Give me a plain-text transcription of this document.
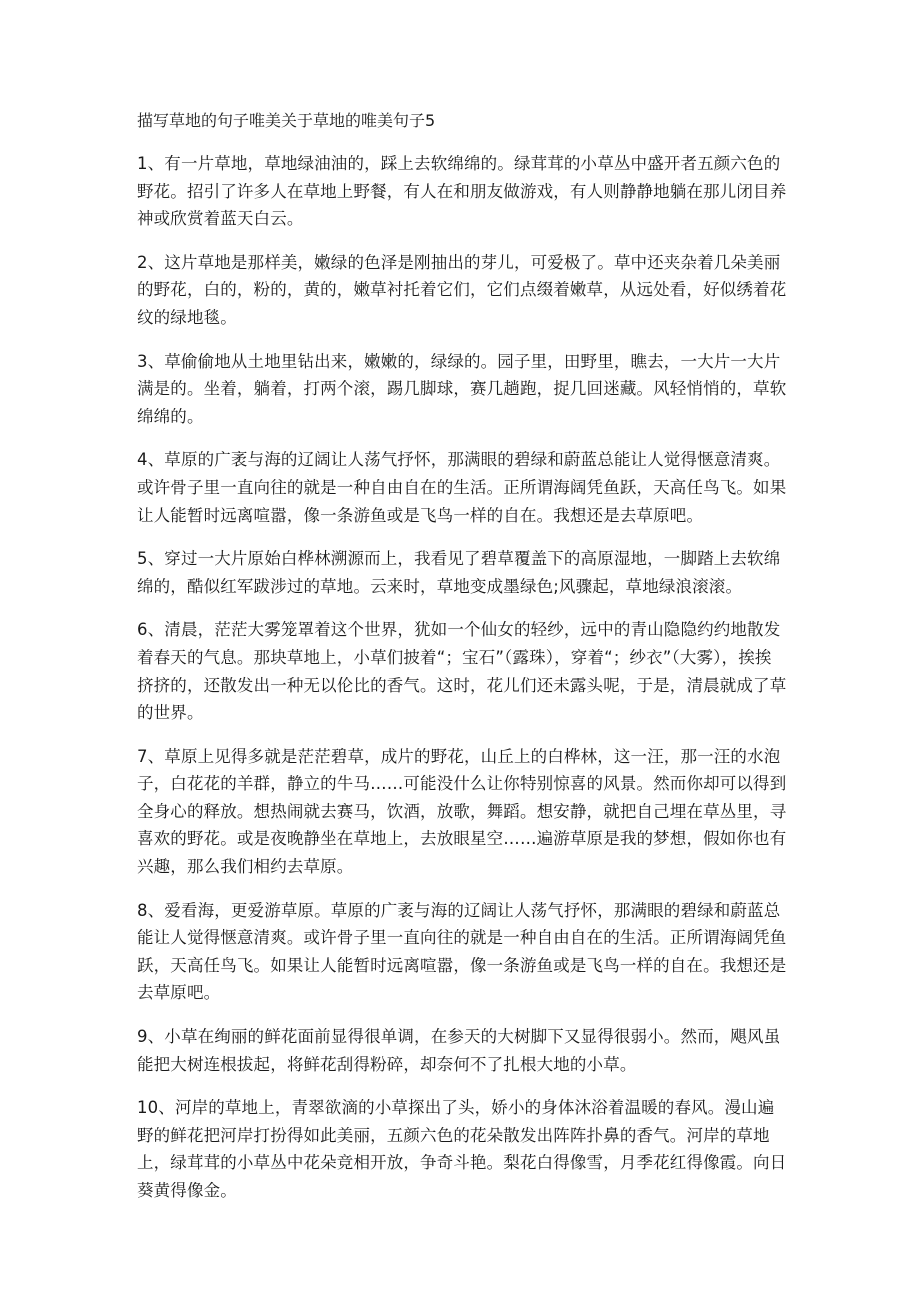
描写草地的句子唯美关于草地的唯美句子5

1、有一片草地，草地绿油油的，踩上去软绵绵的。绿茸茸的小草丛中盛开者五颜六色的野花。招引了许多人在草地上野餐，有人在和朋友做游戏，有人则静静地躺在那儿闭目养神或欣赏着蓝天白云。

2、这片草地是那样美，嫩绿的色泽是刚抽出的芽儿，可爱极了。草中还夹杂着几朵美丽的野花，白的，粉的，黄的，嫩草衬托着它们，它们点缀着嫩草，从远处看，好似绣着花纹的绿地毯。

3、草偷偷地从土地里钻出来，嫩嫩的，绿绿的。园子里，田野里，瞧去，一大片一大片满是的。坐着，躺着，打两个滚，踢几脚球，赛几趟跑，捉几回迷藏。风轻悄悄的，草软绵绵的。

4、草原的广袤与海的辽阔让人荡气抒怀，那满眼的碧绿和蔚蓝总能让人觉得惬意清爽。或许骨子里一直向往的就是一种自由自在的生活。正所谓海阔凭鱼跃，天高任鸟飞。如果让人能暂时远离喧嚣，像一条游鱼或是飞鸟一样的自在。我想还是去草原吧。

5、穿过一大片原始白桦林溯源而上，我看见了碧草覆盖下的高原湿地，一脚踏上去软绵绵的，酷似红军跋涉过的草地。云来时，草地变成墨绿色;风骤起，草地绿浪滚滚。

6、清晨，茫茫大雾笼罩着这个世界，犹如一个仙女的轻纱，远中的青山隐隐约约地散发着春天的气息。那块草地上，小草们披着“；宝石”（露珠），穿着“；纱衣”（大雾），挨挨挤挤的，还散发出一种无以伦比的香气。这时，花儿们还未露头呢，于是，清晨就成了草的世界。

7、草原上见得多就是茫茫碧草，成片的野花，山丘上的白桦林，这一汪，那一汪的水泡子，白花花的羊群，静立的牛马……可能没什么让你特别惊喜的风景。然而你却可以得到全身心的释放。想热闹就去赛马，饮酒，放歌，舞蹈。想安静，就把自己埋在草丛里，寻喜欢的野花。或是夜晚静坐在草地上，去放眼星空……遍游草原是我的梦想，假如你也有兴趣，那么我们相约去草原。

8、爱看海，更爱游草原。草原的广袤与海的辽阔让人荡气抒怀，那满眼的碧绿和蔚蓝总能让人觉得惬意清爽。或许骨子里一直向往的就是一种自由自在的生活。正所谓海阔凭鱼跃，天高任鸟飞。如果让人能暂时远离喧嚣，像一条游鱼或是飞鸟一样的自在。我想还是去草原吧。

9、小草在绚丽的鲜花面前显得很单调，在参天的大树脚下又显得很弱小。然而，飓风虽能把大树连根拔起，将鲜花刮得粉碎，却奈何不了扎根大地的小草。

10、河岸的草地上，青翠欲滴的小草探出了头，娇小的身体沐浴着温暖的春风。漫山遍野的鲜花把河岸打扮得如此美丽，五颜六色的花朵散发出阵阵扑鼻的香气。河岸的草地上，绿茸茸的小草丛中花朵竞相开放，争奇斗艳。梨花白得像雪，月季花红得像霞。向日葵黄得像金。
